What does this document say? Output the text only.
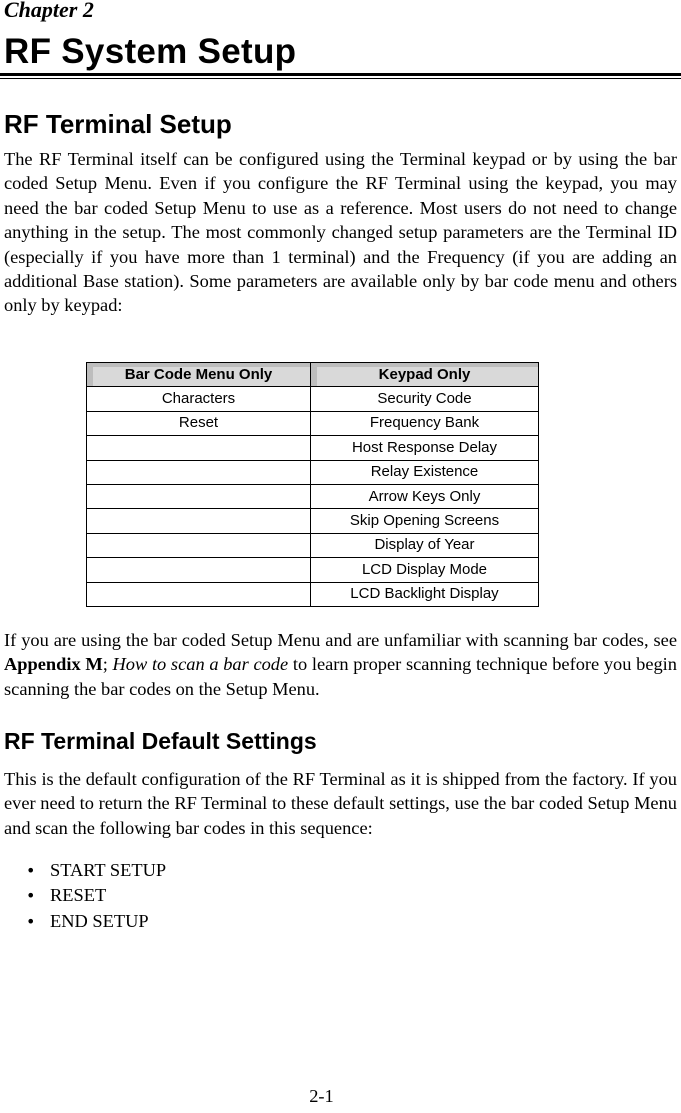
Chapter 2
RF System Setup
RF Terminal Setup

The RF Terminal itself can be configured using the Terminal keypad or by using the bar coded Setup Menu. Even if you configure the RF Terminal using the keypad, you may need the bar coded Setup Menu to use as a reference. Most users do not need to change anything in the setup. The most commonly changed setup parameters are the Terminal ID (especially if you have more than 1 terminal) and the Frequency (if you are adding an additional Base station). Some parameters are available only by bar code menu and others only by keypad:

Bar Code Menu Only	Keypad Only
Characters	Security Code
Reset	Frequency Bank
	Host Response Delay
	Relay Existence
	Arrow Keys Only
	Skip Opening Screens
	Display of Year
	LCD Display Mode
	LCD Backlight Display

If you are using the bar coded Setup Menu and are unfamiliar with scanning bar codes, see Appendix M; How to scan a bar code to learn proper scanning technique before you begin scanning the bar codes on the Setup Menu.

RF Terminal Default Settings

This is the default configuration of the RF Terminal as it is shipped from the factory. If you ever need to return the RF Terminal to these default settings, use the bar coded Setup Menu and scan the following bar codes in this sequence:

• START SETUP
• RESET
• END SETUP
2-1
